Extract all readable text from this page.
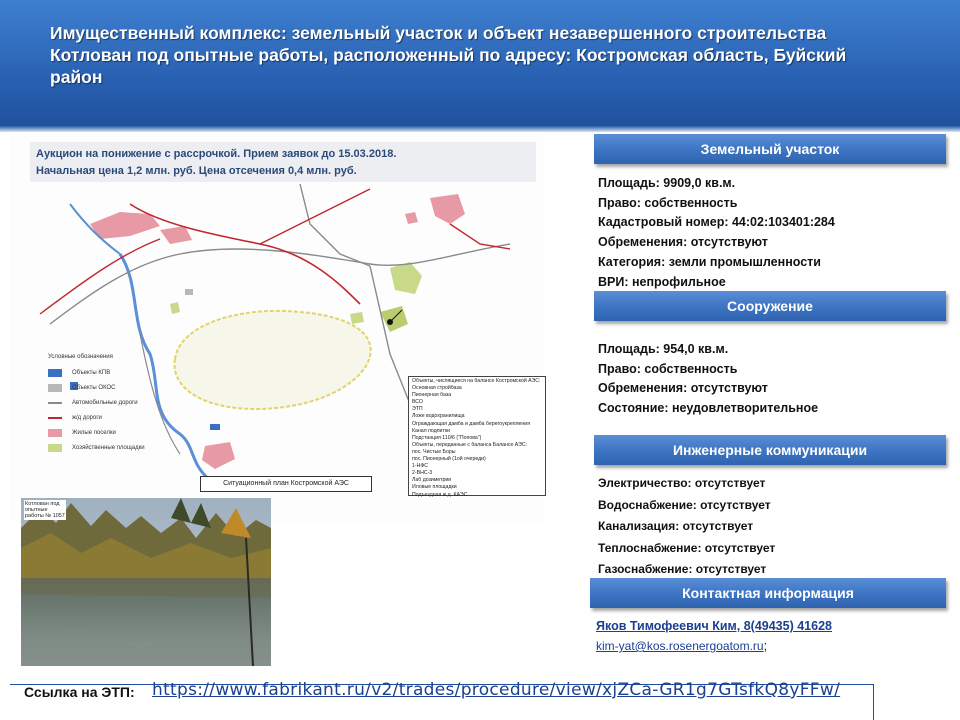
Имущественный комплекс: земельный участок и объект незавершенного строительства
Котлован под опытные работы, расположенный по адресу: Костромская область, Буйский
район
Аукцион на понижение с рассрочкой. Прием заявок до 15.03.2018.
Начальная цена 1,2 млн. руб. Цена отсечения 0,4 млн. руб.
Условные обозначения
Объекты КПВ
Объекты ОКОС
Автомобильные дороги
ж/д дороги
Жилые поселки
Хозяйственные площадки
Объекты, числящиеся на балансе Костромской АЭС:
Основная стройбаза
Пионерная база
ВСО
ЭТП
Ложе водохранилища
Ограждающая дамба и дамба берегоукрепления
Канал подпитки
Подстанция 110/6 ("Попова")
Объекты, переданные с баланса Балансе АЭС:
пос. Чистые Боры
пос. Пионерный (1ой очереди)
1-НФС
2-ВНС-3
Лаб дозиметрии
Иловые площадки
Подъездная ж.д. КАЭС
Ситуационный план Костромской АЭС
Котлован под опытные работы № 1057
Земельный участок
Площадь: 9909,0 кв.м.
Право: собственность
Кадастровый номер: 44:02:103401:284
Обременения: отсутствуют
Категория: земли промышленности
ВРИ: непрофильное
Сооружение
Площадь: 954,0 кв.м.
Право: собственность
Обременения: отсутствуют
Состояние: неудовлетворительное
Инженерные коммуникации
Электричество: отсутствует
Водоснабжение: отсутствует
Канализация: отсутствует
Теплоснабжение: отсутствует
Газоснабжение: отсутствует
Контактная информация
Яков Тимофеевич Ким, 8(49435) 41628
kim-yat@kos.rosenergoatom.ru;
Ссылка на ЭТП: https://www.fabrikant.ru/v2/trades/procedure/view/xjZCa-GR1g7GTsfkQ8yFFw/
